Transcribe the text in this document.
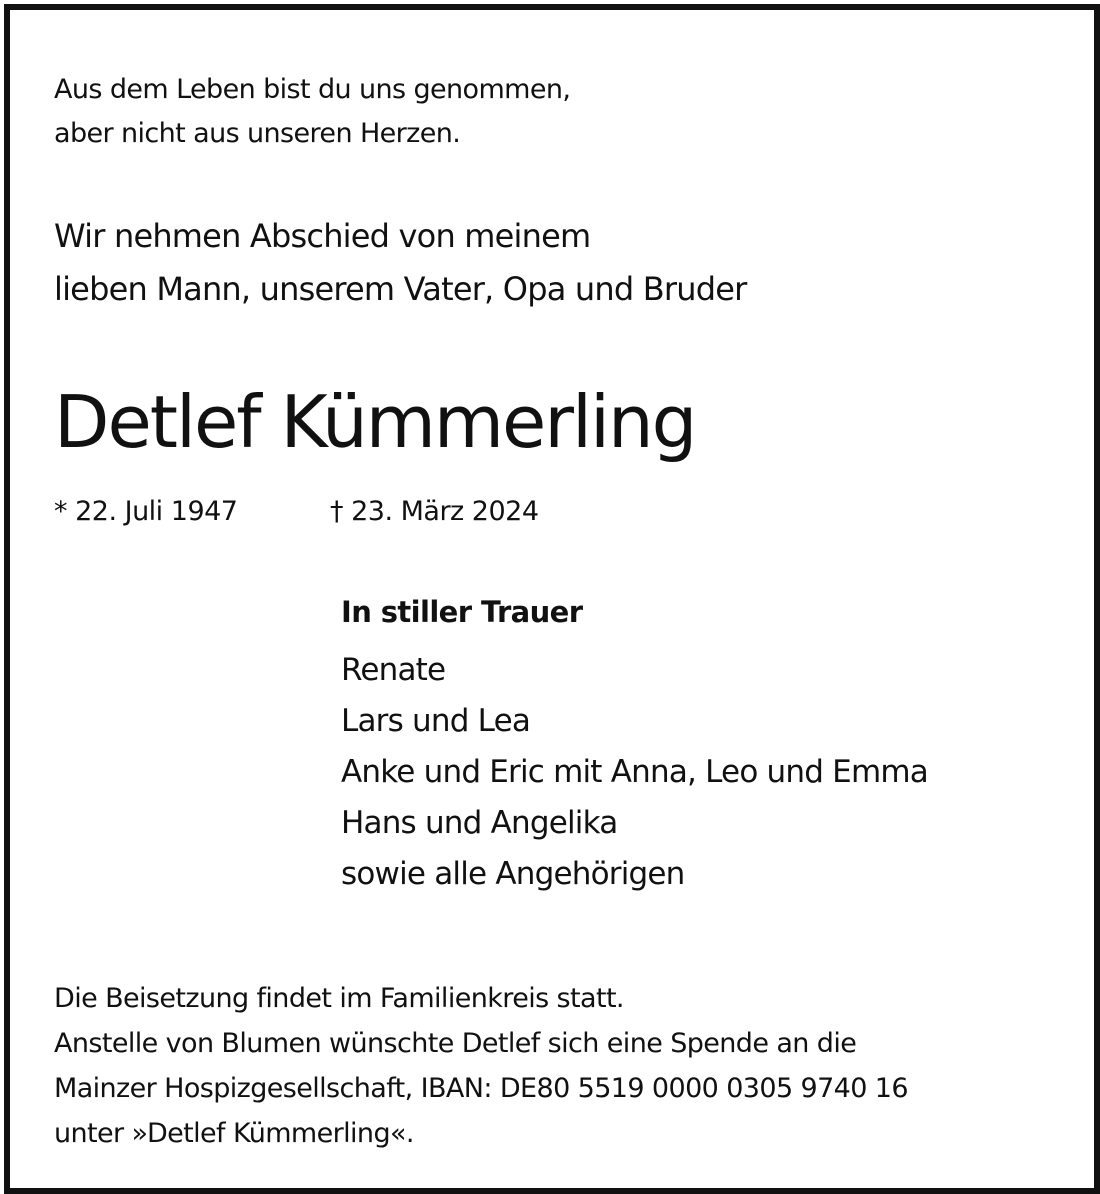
Aus dem Leben bist du uns genommen,
aber nicht aus unseren Herzen.
Wir nehmen Abschied von meinem
lieben Mann, unserem Vater, Opa und Bruder
Detlef Kümmerling
* 22. Juli 1947	† 23. März 2024
In stiller Trauer
Renate
Lars und Lea
Anke und Eric mit Anna, Leo und Emma
Hans und Angelika
sowie alle Angehörigen
Die Beisetzung findet im Familienkreis statt.
Anstelle von Blumen wünschte Detlef sich eine Spende an die
Mainzer Hospizgesellschaft, IBAN: DE80 5519 0000 0305 9740 16
unter »Detlef Kümmerling«.
